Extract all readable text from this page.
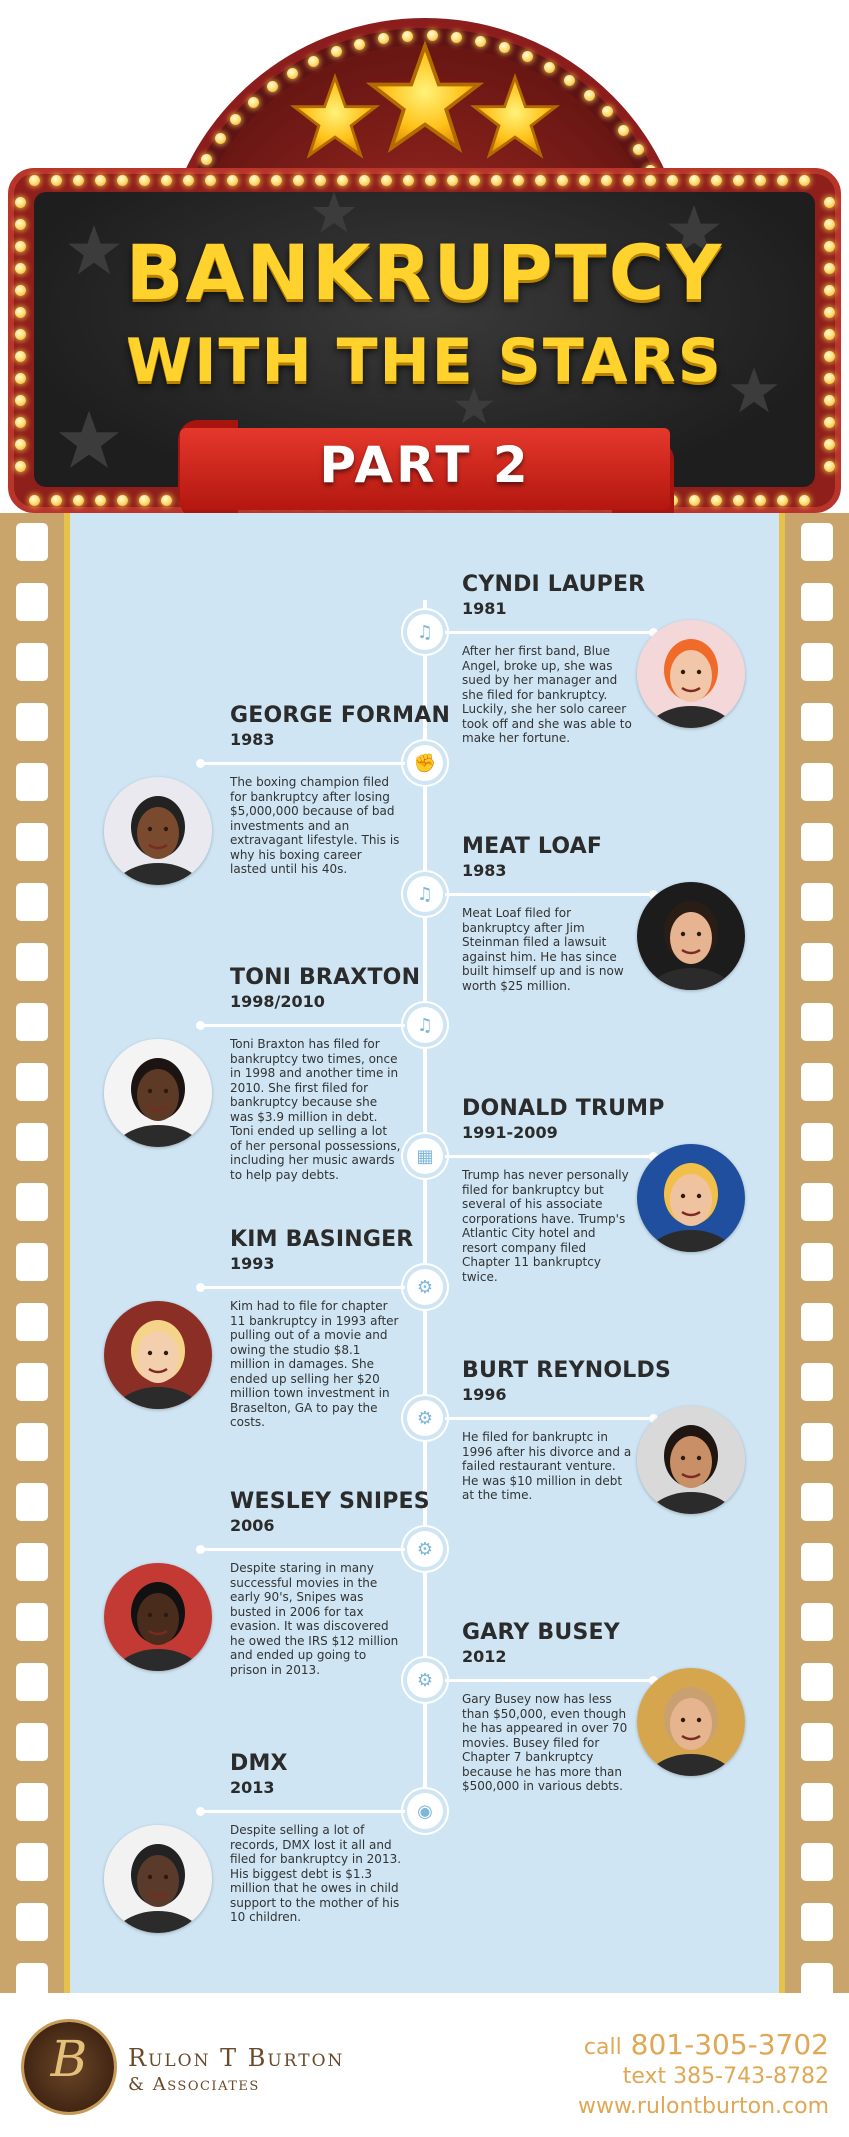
BANKRUPTCY
WITH THE STARS
PART 2
♫
CYNDI LAUPER
1981
After her first band, Blue Angel, broke up, she was sued by her manager and she filed for bankruptcy. Luckily, she her solo career took off and she was able to make her fortune.
✊
GEORGE FORMAN
1983
The boxing champion filed for bankruptcy after losing $5,000,000 because of bad investments and an extravagant lifestyle. This is why his boxing career lasted until his 40s.
♫
MEAT LOAF
1983
Meat Loaf filed for bankruptcy after Jim Steinman filed a lawsuit against him. He has since built himself up and is now worth $25 million.
♫
TONI BRAXTON
1998/2010
Toni Braxton has filed for bankruptcy two times, once in 1998 and another time in 2010. She first filed for bankruptcy because she was $3.9 million in debt. Toni ended up selling a lot of her personal possessions, including her music awards to help pay debts.
▦
DONALD TRUMP
1991-2009
Trump has never personally filed for bankruptcy but several of his associate corporations have. Trump's Atlantic City hotel and resort company filed Chapter 11 bankruptcy twice.
⚙
KIM BASINGER
1993
Kim had to file for chapter 11 bankruptcy in 1993 after pulling out of a movie and owing the studio $8.1 million in damages. She ended up selling her $20 million town investment in Braselton, GA to pay the costs.	⚙
BURT REYNOLDS
1996
He filed for bankruptc in 1996 after his divorce and a failed restaurant venture. He was $10 million in debt at the time.
⚙
WESLEY SNIPES
2006
Despite staring in many successful movies in the early 90's, Snipes was busted in 2006 for tax evasion. It was discovered he owed the IRS $12 million and ended up going to prison in 2013.	⚙
GARY BUSEY
2012
Gary Busey now has less than $50,000, even though he has appeared in over 70 movies. Busey filed for Chapter 7 bankruptcy because he has more than $500,000 in various debts.
◉
DMX
2013
Despite selling a lot of records, DMX lost it all and filed for bankruptcy in 2013. His biggest debt is $1.3 million that he owes in child support to the mother of his 10 children.
B	Rulon T Burton
& Associates
call 801-305-3702
text 385-743-8782
www.rulontburton.com
